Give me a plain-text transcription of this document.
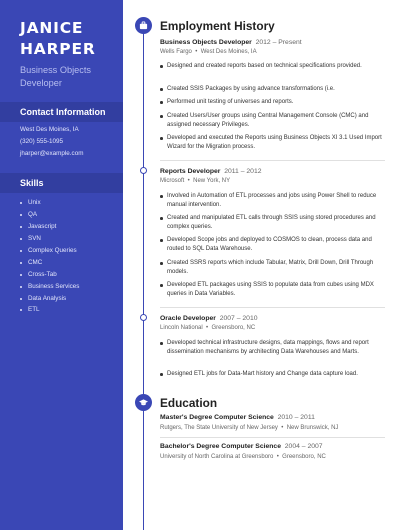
JANICE
HARPER
Business Objects
Developer
Contact Information
West Des Moines, IA
(320) 555-1095
jharper@example.com
Skills
Unix
QA
Javascript
SVN
Complex Queries
CMC
Cross-Tab
Business Services
Data Analysis
ETL
Employment History
Business Objects Developer 2012 – Present
Wells Fargo  •  West Des Moines, IA
Designed and created reports based on technical specifications provided.
Created SSIS Packages by using advance transformations (i.e.
Performed unit testing of universes and reports.
Created Users/User groups using Central Management Console (CMC) and assigned necessary Privileges.
Developed and executed the Reports using Business Objects XI 3.1 Used Import Wizard for the Migration process.
Reports Developer 2011 – 2012
Microsoft  •  New York, NY
Involved in Automation of ETL processes and jobs using Power Shell to reduce manual intervention.
Created and manipulated ETL calls through SSIS using stored procedures and complex queries.
Developed Scope jobs and deployed to COSMOS to clean, process data and routed to SQL Data Warehouse.
Created SSRS reports which include Tabular, Matrix, Drill Down, Drill Through models.
Developed ETL packages using SSIS to populate data from cubes using MDX queries in Data Variables.
Oracle Developer 2007 – 2010
Lincoln National  •  Greensboro, NC
Developed technical infrastructure designs, data mappings, flows and report dissemination mechanisms by architecting Data Warehouses and Marts.
Designed ETL jobs for Data-Mart history and Change data capture load.
Education
Master's Degree Computer Science 2010 – 2011
Rutgers, The State University of New Jersey  •  New Brunswick, NJ
Bachelor's Degree Computer Science 2004 – 2007
University of North Carolina at Greensboro  •  Greensboro, NC
